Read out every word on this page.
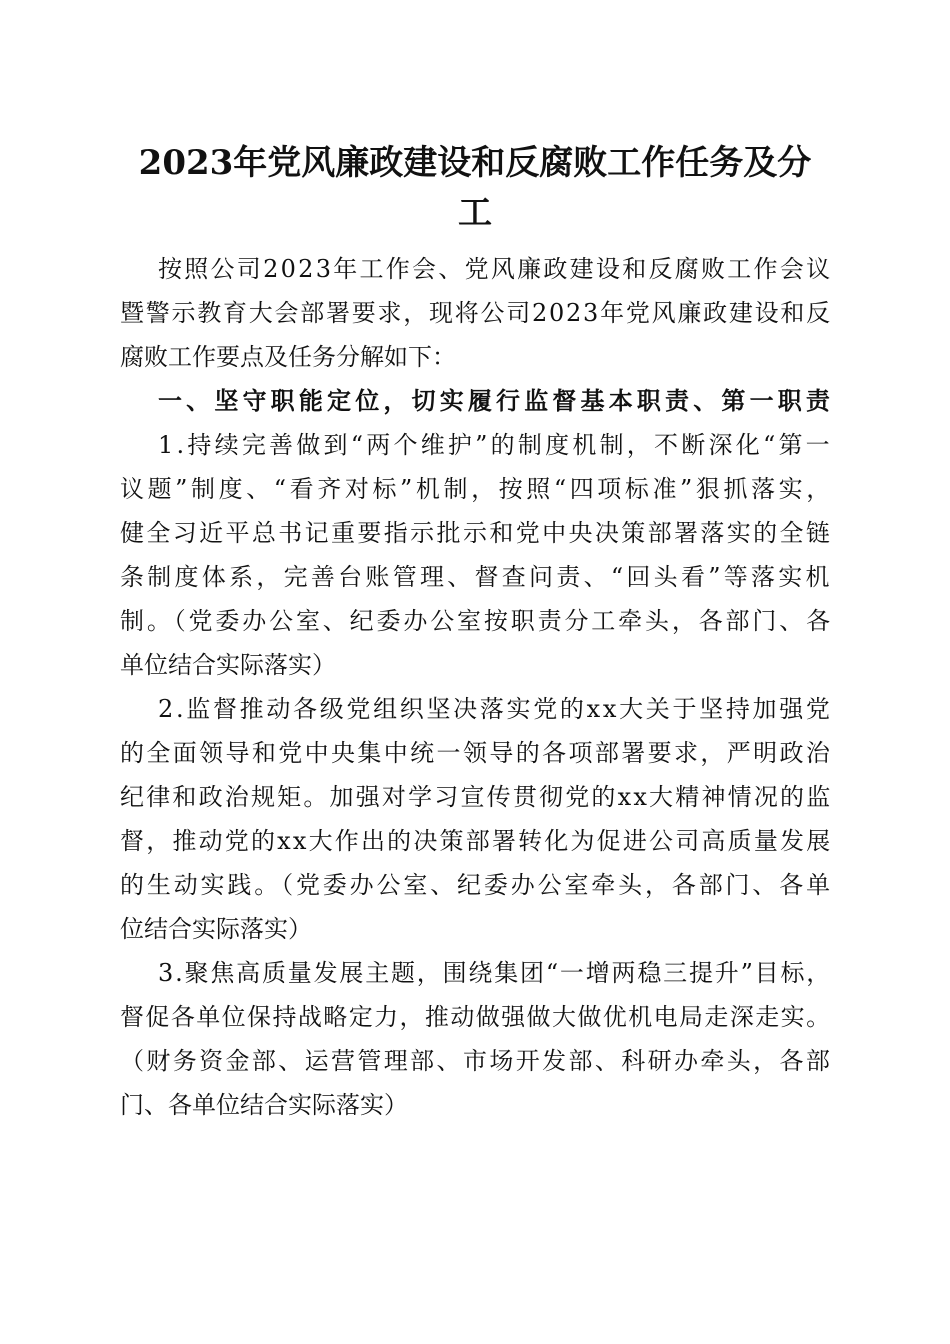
2023年党风廉政建设和反腐败工作任务及分
工

按照公司2023年工作会、党风廉政建设和反腐败工作会议

暨警示教育大会部署要求，现将公司2023年党风廉政建设和反

腐败工作要点及任务分解如下：

一、坚守职能定位，切实履行监督基本职责、第一职责

1.持续完善做到“两个维护”的制度机制，不断深化“第一

议题”制度、“看齐对标”机制，按照“四项标准”狠抓落实，

健全习近平总书记重要指示批示和党中央决策部署落实的全链

条制度体系，完善台账管理、督查问责、“回头看”等落实机

制。（党委办公室、纪委办公室按职责分工牵头，各部门、各

单位结合实际落实）

2.监督推动各级党组织坚决落实党的xx大关于坚持加强党

的全面领导和党中央集中统一领导的各项部署要求，严明政治

纪律和政治规矩。加强对学习宣传贯彻党的xx大精神情况的监

督，推动党的xx大作出的决策部署转化为促进公司高质量发展

的生动实践。（党委办公室、纪委办公室牵头，各部门、各单

位结合实际落实）

3.聚焦高质量发展主题，围绕集团“一增两稳三提升”目标，

督促各单位保持战略定力，推动做强做大做优机电局走深走实。

（财务资金部、运营管理部、市场开发部、科研办牵头，各部

门、各单位结合实际落实）
